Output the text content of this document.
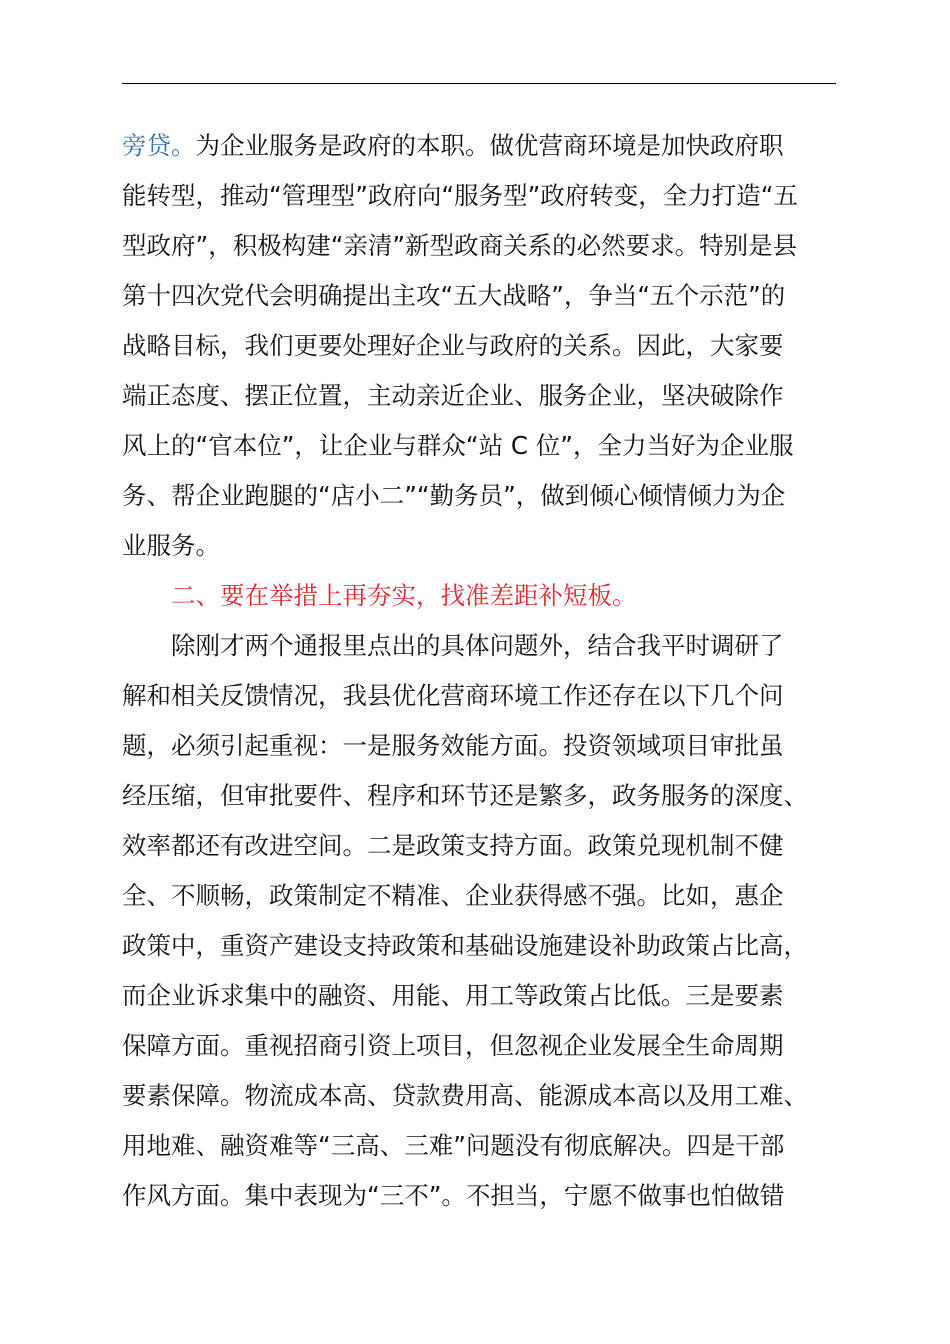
旁贷。为企业服务是政府的本职。做优营商环境是加快政府职
能转型，推动“管理型”政府向“服务型”政府转变，全力打造“五
型政府”，积极构建“亲清”新型政商关系的必然要求。特别是县
第十四次党代会明确提出主攻“五大战略”，争当“五个示范”的
战略目标，我们更要处理好企业与政府的关系。因此，大家要
端正态度、摆正位置，主动亲近企业、服务企业，坚决破除作
风上的“官本位”，让企业与群众“站 C 位”，全力当好为企业服
务、帮企业跑腿的“店小二”“勤务员”，做到倾心倾情倾力为企
业服务。
二、要在举措上再夯实，找准差距补短板。
除刚才两个通报里点出的具体问题外，结合我平时调研了
解和相关反馈情况，我县优化营商环境工作还存在以下几个问
题，必须引起重视：一是服务效能方面。投资领域项目审批虽
经压缩，但审批要件、程序和环节还是繁多，政务服务的深度、
效率都还有改进空间。二是政策支持方面。政策兑现机制不健
全、不顺畅，政策制定不精准、企业获得感不强。比如，惠企
政策中，重资产建设支持政策和基础设施建设补助政策占比高，
而企业诉求集中的融资、用能、用工等政策占比低。三是要素
保障方面。重视招商引资上项目，但忽视企业发展全生命周期
要素保障。物流成本高、贷款费用高、能源成本高以及用工难、
用地难、融资难等“三高、三难”问题没有彻底解决。四是干部
作风方面。集中表现为“三不”。不担当，宁愿不做事也怕做错
